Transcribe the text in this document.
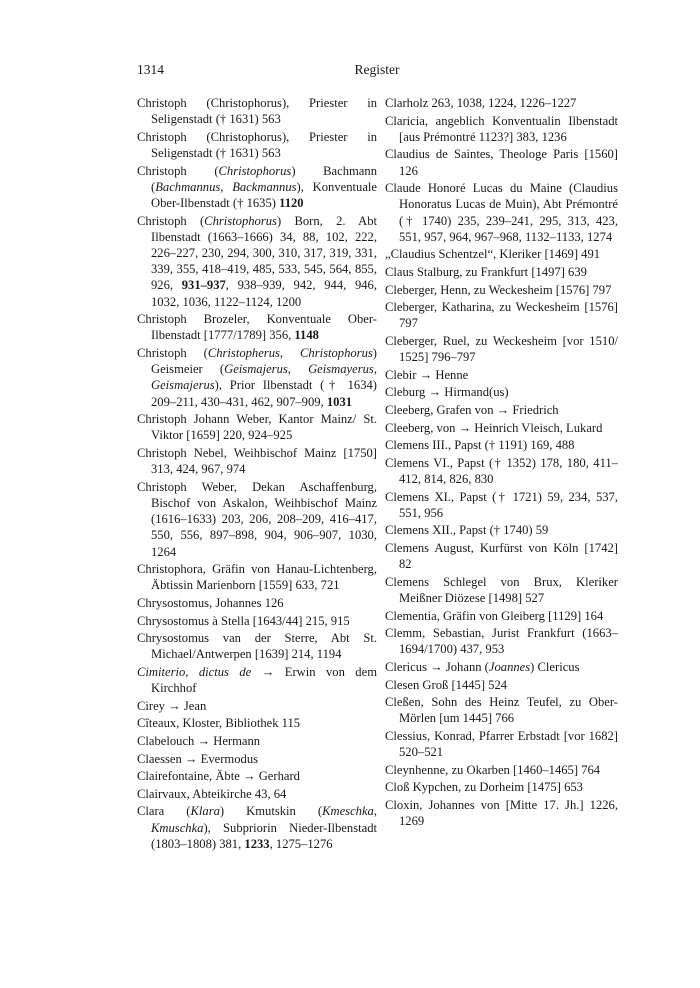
1314	Register

Christoph (Christophorus), Priester in Seligenstadt († 1631) 563

Christoph (Christophorus), Priester in Seligenstadt († 1631) 563

Christoph (Christophorus) Bachmann (Bachmannus, Backmannus), Konventuale Ober-Ilbenstadt († 1635) 1120

Christoph (Christophorus) Born, 2. Abt Ilbenstadt (1663–1666) 34, 88, 102, 222, 226–227, 230, 294, 300, 310, 317, 319, 331, 339, 355, 418–419, 485, 533, 545, 564, 855, 926, 931–937, 938–939, 942, 944, 946, 1032, 1036, 1122–1124, 1200

Christoph Brozeler, Konventuale Ober-Ilbenstadt [1777/1789] 356, 1148

Christoph (Christopherus, Christophorus) Geismeier (Geismajerus, Geismayerus, Geismajerus), Prior Ilbenstadt († 1634) 209–211, 430–431, 462, 907–909, 1031

Christoph Johann Weber, Kantor Mainz/ St. Viktor [1659] 220, 924–925

Christoph Nebel, Weihbischof Mainz [1750] 313, 424, 967, 974

Christoph Weber, Dekan Aschaffenburg, Bischof von Askalon, Weihbischof Mainz (1616–1633) 203, 206, 208–209, 416–417, 550, 556, 897–898, 904, 906–907, 1030, 1264

Christophora, Gräfin von Hanau-Lichtenberg, Äbtissin Marienborn [1559] 633, 721

Chrysostomus, Johannes 126

Chrysostomus à Stella [1643/44] 215, 915

Chrysostomus van der Sterre, Abt St. Michael/Antwerpen [1639] 214, 1194

Cimiterio, dictus de → Erwin von dem Kirchhof

Cirey → Jean

Cîteaux, Kloster, Bibliothek 115

Clabelouch → Hermann

Claessen → Evermodus

Clairefontaine, Äbte → Gerhard

Clairvaux, Abteikirche 43, 64

Clara (Klara) Kmutskin (Kmeschka, Kmuschka), Subpriorin Nieder-Ilbenstadt (1803–1808) 381, 1233, 1275–1276

Clarholz 263, 1038, 1224, 1226–1227

Claricia, angeblich Konventualin Ilbenstadt [aus Prémontré 1123?] 383, 1236

Claudius de Saintes, Theologe Paris [1560] 126

Claude Honoré Lucas du Maine (Claudius Honoratus Lucas de Muin), Abt Prémontré († 1740) 235, 239–241, 295, 313, 423, 551, 957, 964, 967–968, 1132–1133, 1274

„Claudius Schentzel“, Kleriker [1469] 491

Claus Stalburg, zu Frankfurt [1497] 639

Cleberger, Henn, zu Weckesheim [1576] 797

Cleberger, Katharina, zu Weckesheim [1576] 797

Cleberger, Ruel, zu Weckesheim [vor 1510/ 1525] 796–797

Clebir → Henne

Cleburg → Hirmand(us)

Cleeberg, Grafen von → Friedrich

Cleeberg, von → Heinrich Vleisch, Lukard

Clemens III., Papst († 1191) 169, 488

Clemens VI., Papst († 1352) 178, 180, 411–412, 814, 826, 830

Clemens XI., Papst († 1721) 59, 234, 537, 551, 956

Clemens XII., Papst († 1740) 59

Clemens August, Kurfürst von Köln [1742] 82

Clemens Schlegel von Brux, Kleriker Meißner Diözese [1498] 527

Clementia, Gräfin von Gleiberg [1129] 164

Clemm, Sebastian, Jurist Frankfurt (1663–1694/1700) 437, 953

Clericus → Johann (Joannes) Clericus

Clesen Groß [1445] 524

Cleßen, Sohn des Heinz Teufel, zu Ober-Mörlen [um 1445] 766

Clessius, Konrad, Pfarrer Erbstadt [vor 1682] 520–521

Cleynhenne, zu Okarben [1460–1465] 764

Cloß Kypchen, zu Dorheim [1475] 653

Cloxin, Johannes von [Mitte 17. Jh.] 1226, 1269
